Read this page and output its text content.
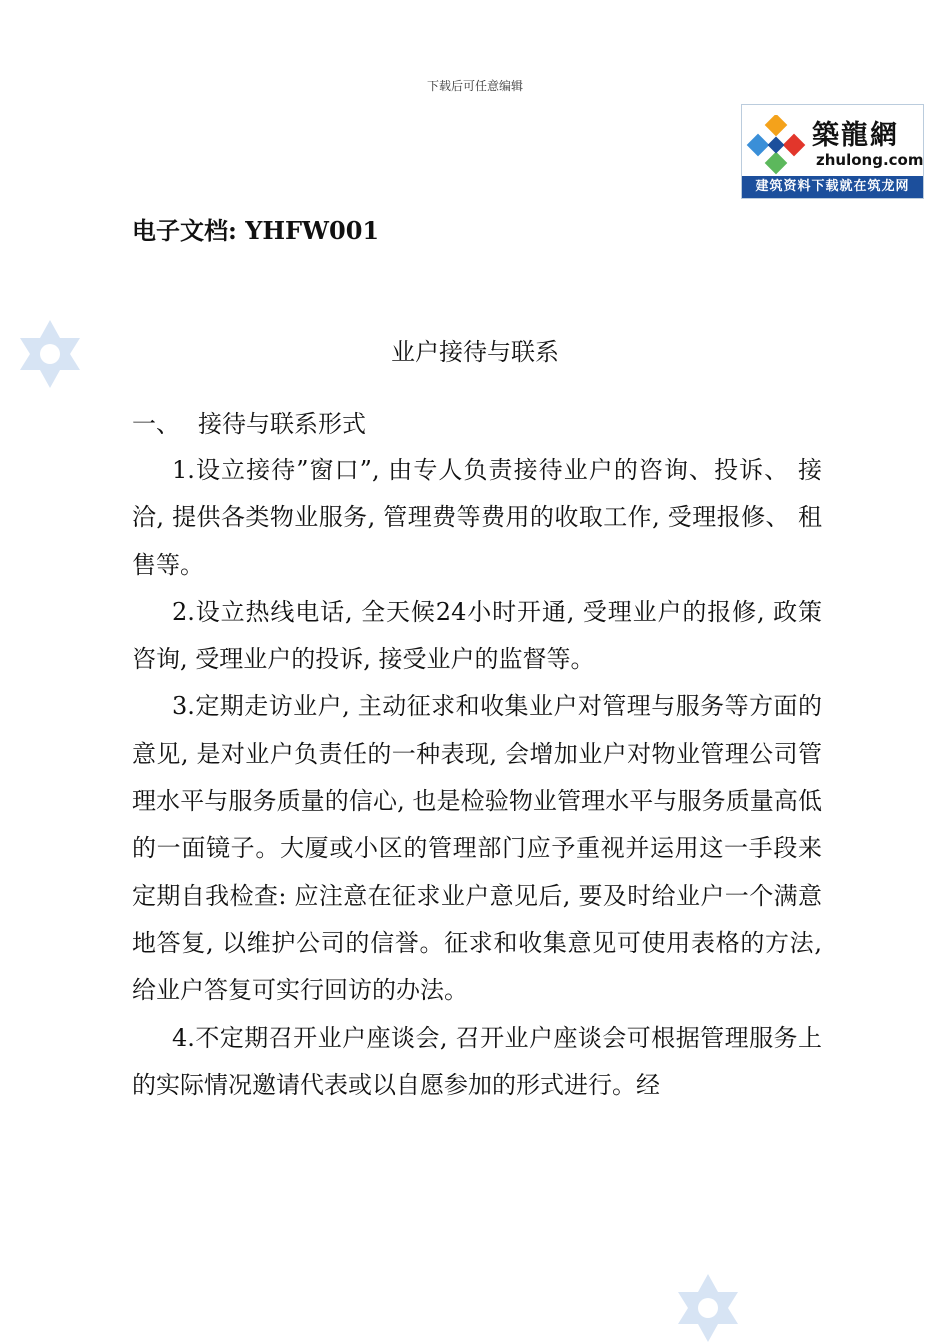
下载后可任意编辑
築龍網
zhulong.com
建筑资料下载就在筑龙网
电子文档: YHFW001
业户接待与联系
一、 接待与联系形式

1.设立接待”窗口”, 由专人负责接待业户的咨询、投诉、 接洽, 提供各类物业服务, 管理费等费用的收取工作, 受理报修、 租售等。

2.设立热线电话, 全天候24小时开通, 受理业户的报修, 政策咨询, 受理业户的投诉, 接受业户的监督等。

3.定期走访业户, 主动征求和收集业户对管理与服务等方面的意见, 是对业户负责任的一种表现, 会增加业户对物业管理公司管理水平与服务质量的信心, 也是检验物业管理水平与服务质量高低的一面镜子。大厦或小区的管理部门应予重视并运用这一手段来定期自我检查: 应注意在征求业户意见后, 要及时给业户一个满意地答复, 以维护公司的信誉。征求和收集意见可使用表格的方法, 给业户答复可实行回访的办法。

4.不定期召开业户座谈会, 召开业户座谈会可根据管理服务上的实际情况邀请代表或以自愿参加的形式进行。经
